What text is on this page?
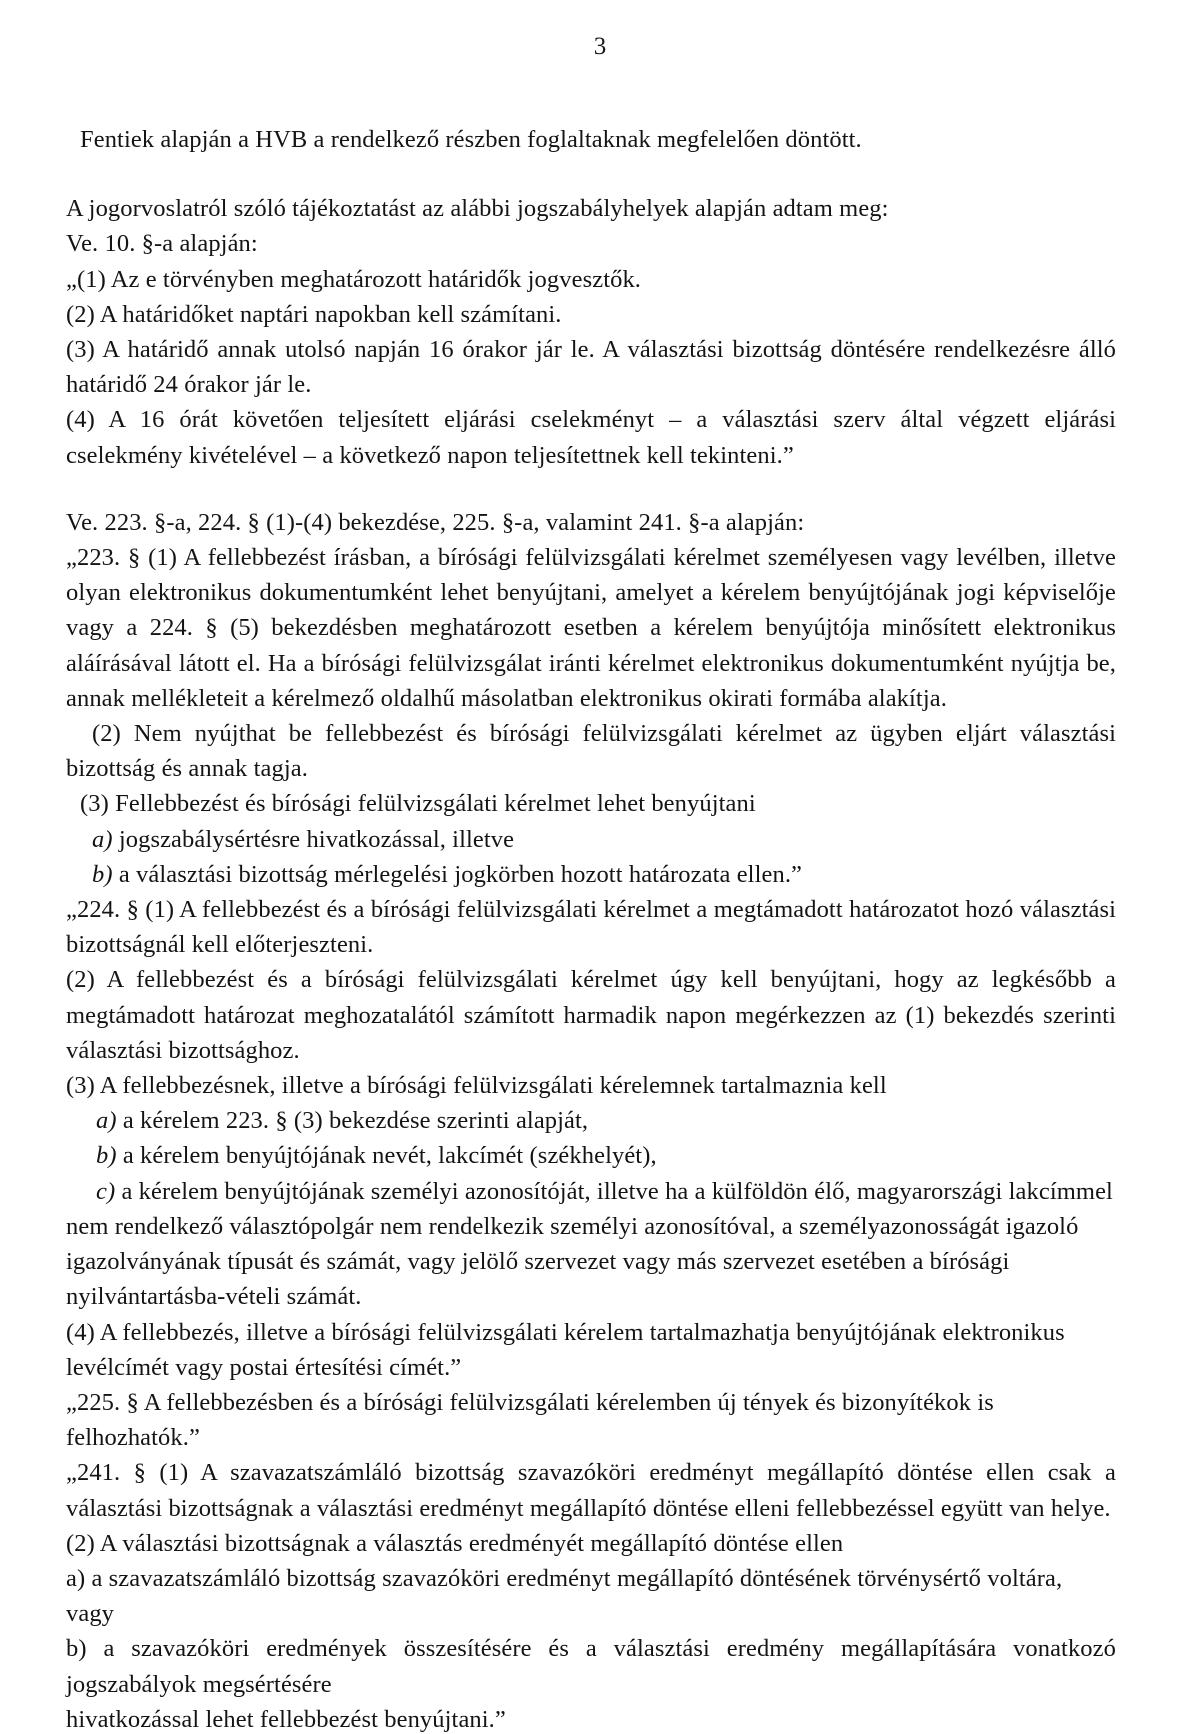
3

Fentiek alapján a HVB a rendelkező részben foglaltaknak megfelelően döntött.

A jogorvoslatról szóló tájékoztatást az alábbi jogszabályhelyek alapján adtam meg:

Ve. 10. §-a alapján:

„(1) Az e törvényben meghatározott határidők jogvesztők.

(2) A határidőket naptári napokban kell számítani.

(3) A határidő annak utolsó napján 16 órakor jár le. A választási bizottság döntésére rendelkezésre álló határidő 24 órakor jár le.

(4) A 16 órát követően teljesített eljárási cselekményt – a választási szerv által végzett eljárási cselekmény kivételével – a következő napon teljesítettnek kell tekinteni.”

Ve. 223. §-a, 224. § (1)-(4) bekezdése, 225. §-a, valamint 241. §-a alapján:

„223. § (1) A fellebbezést írásban, a bírósági felülvizsgálati kérelmet személyesen vagy levélben, illetve olyan elektronikus dokumentumként lehet benyújtani, amelyet a kérelem benyújtójának jogi képviselője vagy a 224. § (5) bekezdésben meghatározott esetben a kérelem benyújtója minősített elektronikus aláírásával látott el. Ha a bírósági felülvizsgálat iránti kérelmet elektronikus dokumentumként nyújtja be, annak mellékleteit a kérelmező oldalhű másolatban elektronikus okirati formába alakítja.

(2) Nem nyújthat be fellebbezést és bírósági felülvizsgálati kérelmet az ügyben eljárt választási bizottság és annak tagja.

(3) Fellebbezést és bírósági felülvizsgálati kérelmet lehet benyújtani

a) jogszabálysértésre hivatkozással, illetve

b) a választási bizottság mérlegelési jogkörben hozott határozata ellen.”

„224. § (1) A fellebbezést és a bírósági felülvizsgálati kérelmet a megtámadott határozatot hozó választási bizottságnál kell előterjeszteni.

(2) A fellebbezést és a bírósági felülvizsgálati kérelmet úgy kell benyújtani, hogy az legkésőbb a megtámadott határozat meghozatalától számított harmadik napon megérkezzen az (1) bekezdés szerinti választási bizottsághoz.

(3) A fellebbezésnek, illetve a bírósági felülvizsgálati kérelemnek tartalmaznia kell

a) a kérelem 223. § (3) bekezdése szerinti alapját,

b) a kérelem benyújtójának nevét, lakcímét (székhelyét),

c) a kérelem benyújtójának személyi azonosítóját, illetve ha a külföldön élő, magyarországi lakcímmel nem rendelkező választópolgár nem rendelkezik személyi azonosítóval, a személyazonosságát igazoló igazolványának típusát és számát, vagy jelölő szervezet vagy más szervezet esetében a bírósági nyilvántartásba-vételi számát.

(4) A fellebbezés, illetve a bírósági felülvizsgálati kérelem tartalmazhatja benyújtójának elektronikus levélcímét vagy postai értesítési címét.”

„225. § A fellebbezésben és a bírósági felülvizsgálati kérelemben új tények és bizonyítékok is felhozhatók.”

„241. § (1) A szavazatszámláló bizottság szavazóköri eredményt megállapító döntése ellen csak a választási bizottságnak a választási eredményt megállapító döntése elleni fellebbezéssel együtt van helye.

(2) A választási bizottságnak a választás eredményét megállapító döntése ellen

a) a szavazatszámláló bizottság szavazóköri eredményt megállapító döntésének törvénysértő voltára, vagy

b) a szavazóköri eredmények összesítésére és a választási eredmény megállapítására vonatkozó jogszabályok megsértésére

hivatkozással lehet fellebbezést benyújtani.”
